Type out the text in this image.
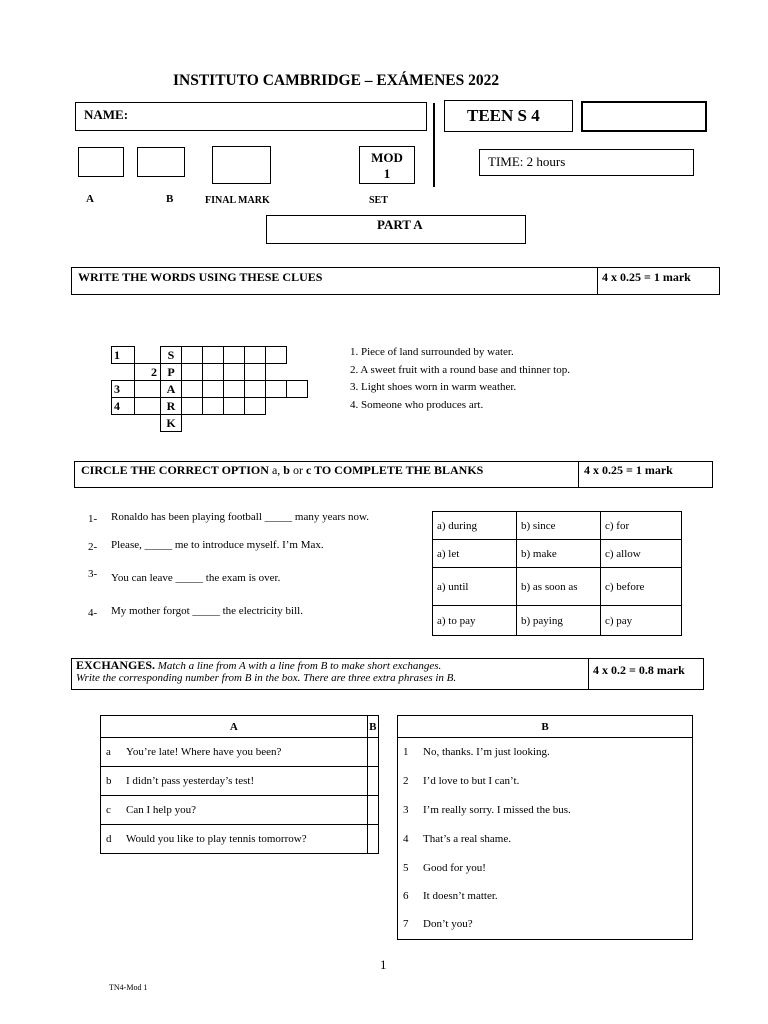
INSTITUTO CAMBRIDGE – EXÁMENES 2022
NAME:	TEEN S 4
MOD
1
TIME: 2 hours
A	B	FINAL MARK	SET
PART A
WRITE THE WORDS USING THESE CLUES	4 x 0.25 = 1 mark
1		S						
	2	P						
3		A						
4		R						
		K						
1. Piece of land surrounded by water.
2. A sweet fruit with a round base and thinner top.
3. Light shoes worn in warm weather.
4. Someone who produces art.
CIRCLE THE CORRECT OPTION a, b or c TO COMPLETE THE BLANKS	4 x 0.25 = 1 mark
1- Ronaldo has been playing football _____ many years now.
2- Please, _____ me to introduce myself. I’m Max.
3- You can leave _____ the exam is over.
4- My mother forgot _____ the electricity bill.
a) during	b) since	c) for
a) let	b) make	c) allow
a) until	b) as soon as	c) before
a) to pay	b) paying	c) pay
EXCHANGES. Match a line from A with a line from B to make short exchanges.
Write the corresponding number from B in the box. There are three extra phrases in B.
4 x 0.2 = 0.8 mark
A		B
a	You’re late! Where have you been?	
b	I didn’t pass yesterday’s test!	
c	Can I help you?	
d	Would you like to play tennis tomorrow?	
B	
1	No, thanks. I’m just looking.
2	I’d love to but I can’t.
3	I’m really sorry. I missed the bus.
4	That’s a real shame.
5	Good for you!
6	It doesn’t matter.
7	Don’t you?
1
TN4-Mod 1
